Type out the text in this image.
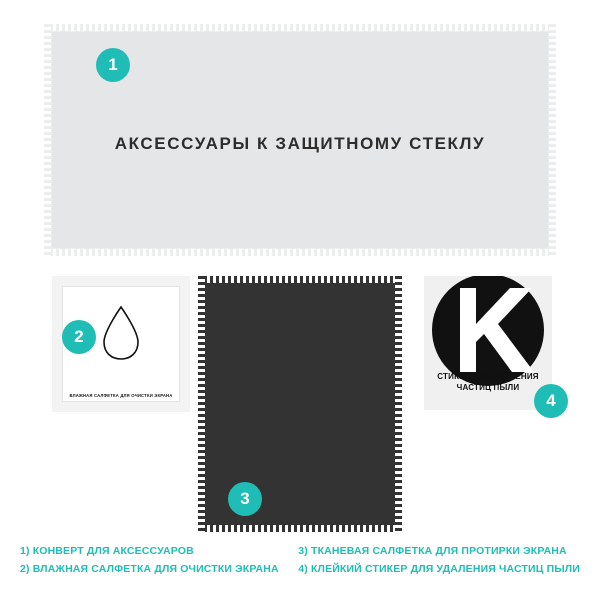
АКСЕССУАРЫ К ЗАЩИТНОМУ СТЕКЛУ
1
ВЛАЖНАЯ САЛФЕТКА ДЛЯ ОЧИСТКИ ЭКРАНА
2
3
СТИКЕР ДЛЯ УДАЛЕНИЯ
ЧАСТИЦ ПЫЛИ
4
1) КОНВЕРТ ДЛЯ АКСЕССУАРОВ
2) ВЛАЖНАЯ САЛФЕТКА ДЛЯ ОЧИСТКИ ЭКРАНА
3) ТКАНЕВАЯ САЛФЕТКА ДЛЯ ПРОТИРКИ ЭКРАНА
4) КЛЕЙКИЙ СТИКЕР ДЛЯ УДАЛЕНИЯ ЧАСТИЦ ПЫЛИ
